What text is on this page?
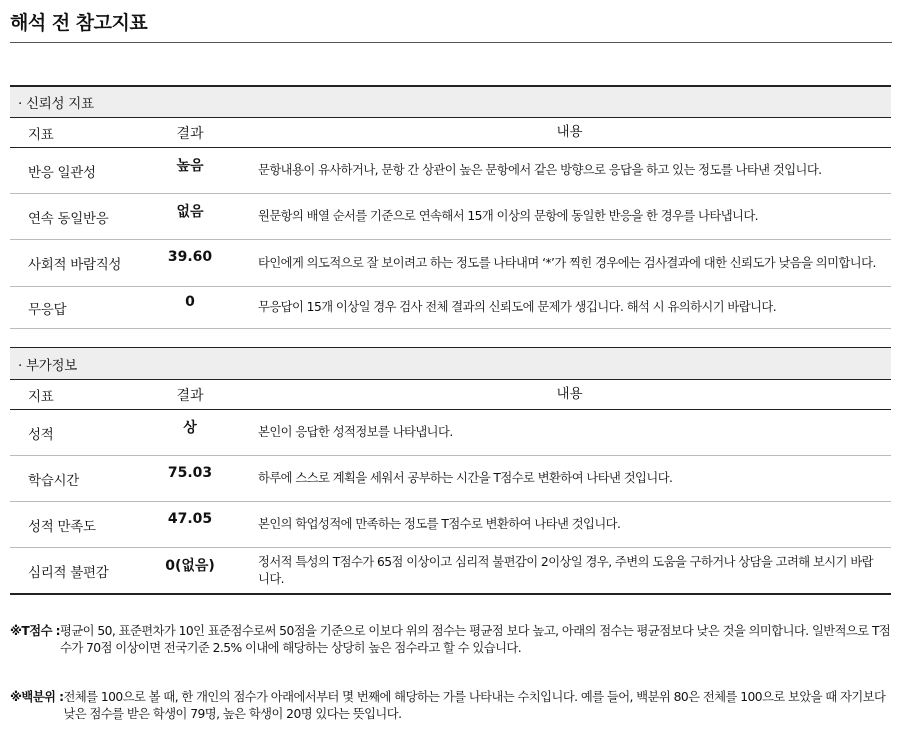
해석 전 참고지표
· 신뢰성 지표
지표	결과	내용
반응 일관성	높음	문항내용이 유사하거나, 문항 간 상관이 높은 문항에서 같은 방향으로 응답을 하고 있는 정도를 나타낸 것입니다.
연속 동일반응	없음	원문항의 배열 순서를 기준으로 연속해서 15개 이상의 문항에 동일한 반응을 한 경우를 나타냅니다.
사회적 바람직성	39.60	타인에게 의도적으로 잘 보이려고 하는 정도를 나타내며 ‘*’가 찍힌 경우에는 검사결과에 대한 신뢰도가 낮음을 의미합니다.
무응답	0	무응답이 15개 이상일 경우 검사 전체 결과의 신뢰도에 문제가 생깁니다. 해석 시 유의하시기 바랍니다.
· 부가정보
지표	결과	내용
성적	상	본인이 응답한 성적정보를 나타냅니다.
학습시간	75.03	하루에 스스로 계획을 세워서 공부하는 시간을 T점수로 변환하여 나타낸 것입니다.
성적 만족도	47.05	본인의 학업성적에 만족하는 정도를 T점수로 변환하여 나타낸 것입니다.
심리적 불편감	0(없음)	정서적 특성의 T점수가 65점 이상이고 심리적 불편감이 2이상일 경우, 주변의 도움을 구하거나 상담을 고려해 보시기 바랍니다.
※T점수 : 평균이 50, 표준편차가 10인 표준점수로써 50점을 기준으로 이보다 위의 점수는 평균점 보다 높고, 아래의 점수는 평균점보다 낮은 것을 의미합니다. 일반적으로 T점수가 70점 이상이면 전국기준 2.5% 이내에 해당하는 상당히 높은 점수라고 할 수 있습니다.
※백분위 : 전체를 100으로 볼 때, 한 개인의 점수가 아래에서부터 몇 번째에 해당하는 가를 나타내는 수치입니다. 예를 들어, 백분위 80은 전체를 100으로 보았을 때 자기보다 낮은 점수를 받은 학생이 79명, 높은 학생이 20명 있다는 뜻입니다.
